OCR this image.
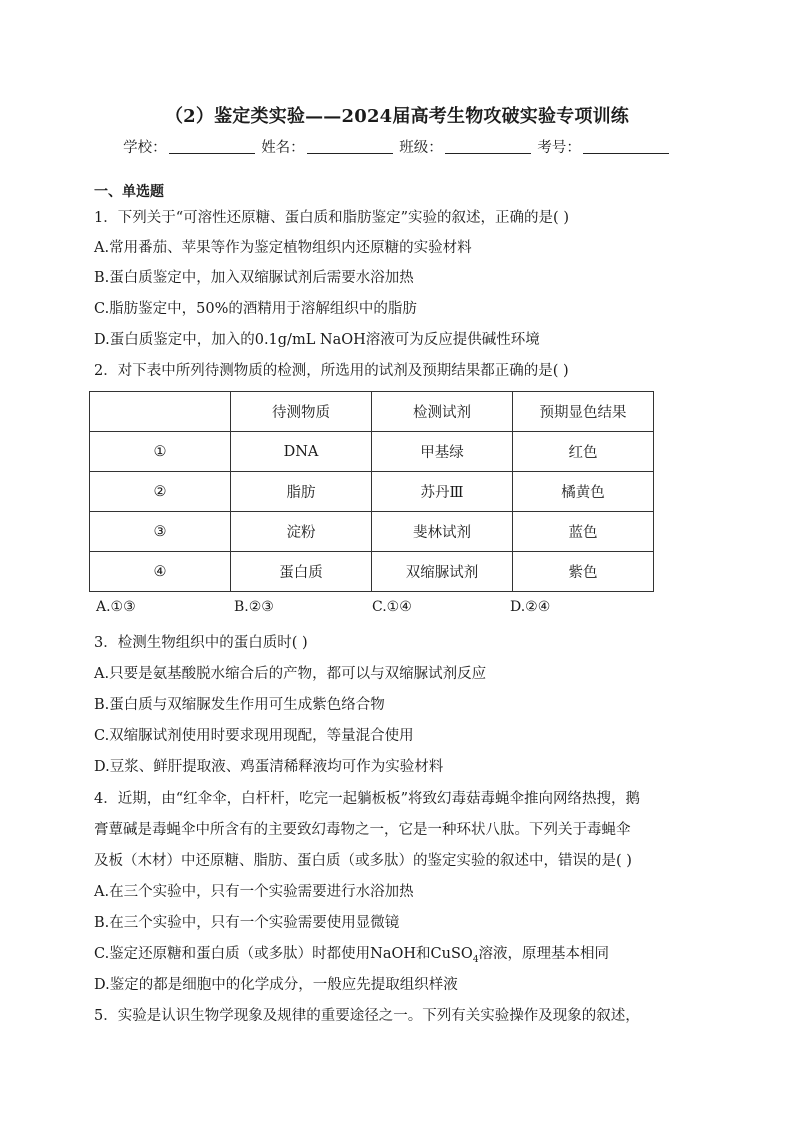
（2）鉴定类实验——2024届高考生物攻破实验专项训练
学校：	姓名：	班级：	考号：
一、单选题
1．下列关于“可溶性还原糖、蛋白质和脂肪鉴定”实验的叙述，正确的是( )
A.常用番茄、苹果等作为鉴定植物组织内还原糖的实验材料
B.蛋白质鉴定中，加入双缩脲试剂后需要水浴加热
C.脂肪鉴定中，50%的酒精用于溶解组织中的脂肪
D.蛋白质鉴定中，加入的0.1g/mL NaOH溶液可为反应提供碱性环境
2．对下表中所列待测物质的检测，所选用的试剂及预期结果都正确的是( )
	待测物质	检测试剂	预期显色结果
①	DNA	甲基绿	红色
②	脂肪	苏丹Ⅲ	橘黄色
③	淀粉	斐林试剂	蓝色
④	蛋白质	双缩脲试剂	紫色
A.①③	B.②③	C.①④	D.②④
3．检测生物组织中的蛋白质时( )
A.只要是氨基酸脱水缩合后的产物，都可以与双缩脲试剂反应
B.蛋白质与双缩脲发生作用可生成紫色络合物
C.双缩脲试剂使用时要求现用现配，等量混合使用
D.豆浆、鲜肝提取液、鸡蛋清稀释液均可作为实验材料
4．近期，由“红伞伞，白杆杆，吃完一起躺板板”将致幻毒菇毒蝇伞推向网络热搜，鹅
膏蕈碱是毒蝇伞中所含有的主要致幻毒物之一，它是一种环状八肽。下列关于毒蝇伞
及板（木材）中还原糖、脂肪、蛋白质（或多肽）的鉴定实验的叙述中，错误的是( )
A.在三个实验中，只有一个实验需要进行水浴加热
B.在三个实验中，只有一个实验需要使用显微镜
C.鉴定还原糖和蛋白质（或多肽）时都使用NaOH和CuSO$_4$溶液，原理基本相同
D.鉴定的都是细胞中的化学成分，一般应先提取组织样液
5．实验是认识生物学现象及规律的重要途径之一。下列有关实验操作及现象的叙述，
